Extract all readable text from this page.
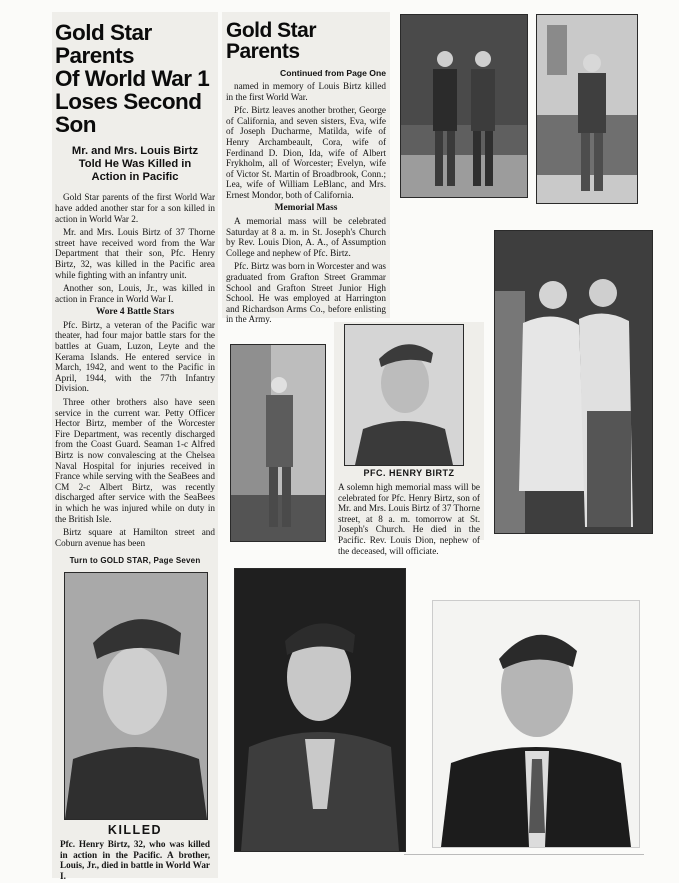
Gold Star Parents
Of World War 1
Loses Second Son
Mr. and Mrs. Louis Birtz
Told He Was Killed in
Action in Pacific

Gold Star parents of the first World War have added another star for a son killed in action in World War 2.

Mr. and Mrs. Louis Birtz of 37 Thorne street have received word from the War Department that their son, Pfc. Henry Birtz, 32, was killed in the Pacific area while fighting with an infantry unit.

Another son, Louis, Jr., was killed in action in France in World War I.

Wore 4 Battle Stars

Pfc. Birtz, a veteran of the Pacific war theater, had four major battle stars for the battles at Guam, Luzon, Leyte and the Kerama Islands. He entered service in March, 1942, and went to the Pacific in April, 1944, with the 77th Infantry Division.

Three other brothers also have seen service in the current war. Petty Officer Hector Birtz, member of the Worcester Fire Department, was recently discharged from the Coast Guard. Seaman 1-c Alfred Birtz is now convalescing at the Chelsea Naval Hospital for injuries received in France while serving with the SeaBees and CM 2-c Albert Birtz, was recently discharged after service with the SeaBees in which he was injured while on duty in the British Isle.

Birtz square at Hamilton street and Coburn avenue has been

Turn to GOLD STAR, Page Seven
Gold Star Parents
Continued from Page One

named in memory of Louis Birtz killed in the first World War.

Pfc. Birtz leaves another brother, George of California, and seven sisters, Eva, wife of Joseph Ducharme, Matilda, wife of Henry Archambeault, Cora, wife of Ferdinand D. Dion, Ida, wife of Albert Frykholm, all of Worcester; Evelyn, wife of Victor St. Martin of Broadbrook, Conn.; Lea, wife of William LeBlanc, and Mrs. Ernest Mondor, both of California.

Memorial Mass

A memorial mass will be celebrated Saturday at 8 a. m. in St. Joseph's Church by Rev. Louis Dion, A. A., of Assumption College and nephew of Pfc. Birtz.

Pfc. Birtz was born in Worcester and was graduated from Grafton Street Grammar School and Grafton Street Junior High School. He was employed at Harrington and Richardson Arms Co., before enlisting in the Army.

PFC. HENRY BIRTZ
A solemn high memorial mass will be celebrated for Pfc. Henry Birtz, son of Mr. and Mrs. Louis Birtz of 37 Thorne street, at 8 a. m. tomorrow at St. Joseph's Church. He died in the Pacific. Rev. Louis Dion, nephew of the deceased, will officiate.
KILLED
Pfc. Henry Birtz, 32, who was killed in action in the Pacific. A brother, Louis, Jr., died in battle in World War I.
